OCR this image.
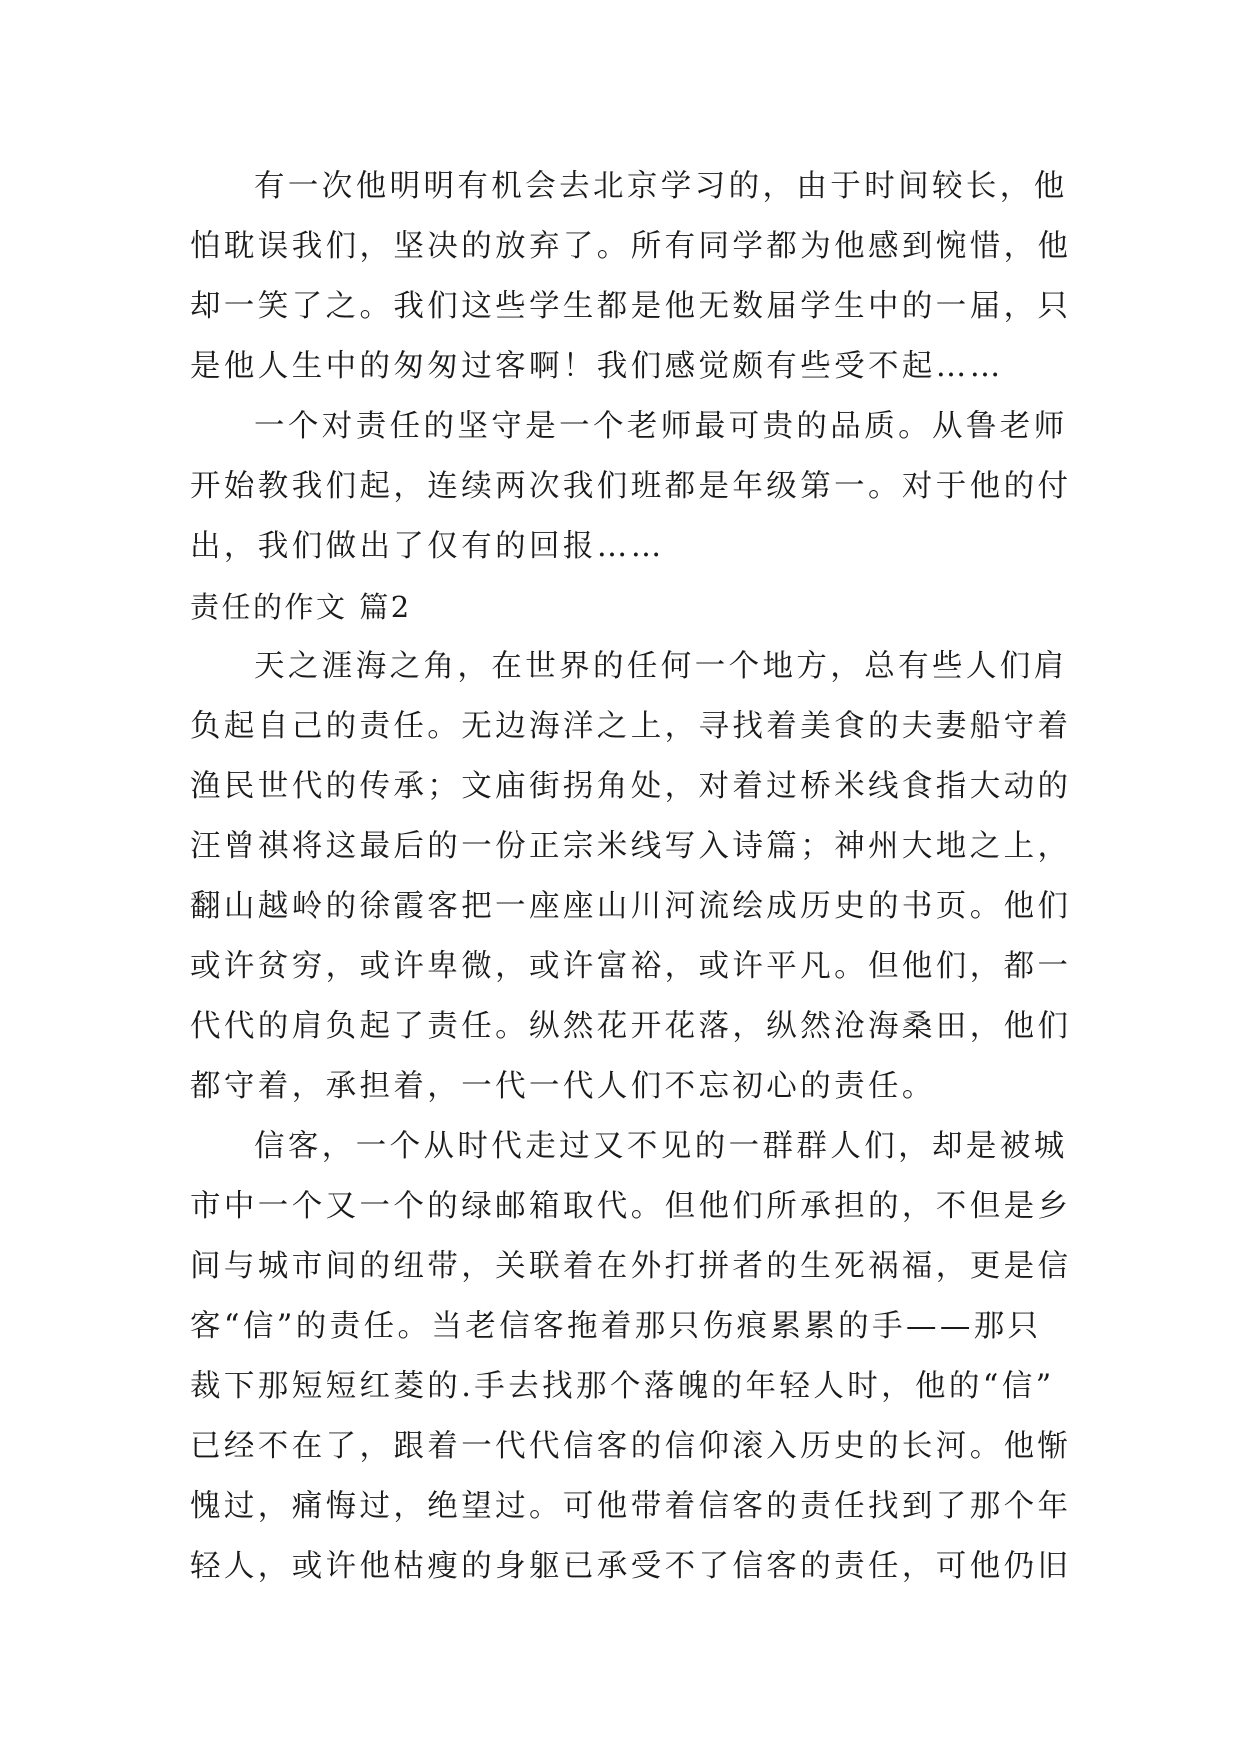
有一次他明明有机会去北京学习的，由于时间较长，他
怕耽误我们，坚决的放弃了。所有同学都为他感到惋惜，他
却一笑了之。我们这些学生都是他无数届学生中的一届，只
是他人生中的匆匆过客啊！我们感觉颇有些受不起……
一个对责任的坚守是一个老师最可贵的品质。从鲁老师
开始教我们起，连续两次我们班都是年级第一。对于他的付
出，我们做出了仅有的回报……
责任的作文 篇2
天之涯海之角，在世界的任何一个地方，总有些人们肩
负起自己的责任。无边海洋之上，寻找着美食的夫妻船守着
渔民世代的传承；文庙街拐角处，对着过桥米线食指大动的
汪曾祺将这最后的一份正宗米线写入诗篇；神州大地之上，
翻山越岭的徐霞客把一座座山川河流绘成历史的书页。他们
或许贫穷，或许卑微，或许富裕，或许平凡。但他们，都一
代代的肩负起了责任。纵然花开花落，纵然沧海桑田，他们
都守着，承担着，一代一代人们不忘初心的责任。
信客，一个从时代走过又不见的一群群人们，却是被城
市中一个又一个的绿邮箱取代。但他们所承担的，不但是乡
间与城市间的纽带，关联着在外打拼者的生死祸福，更是信
客“信”的责任。当老信客拖着那只伤痕累累的手——那只
裁下那短短红菱的.手去找那个落魄的年轻人时，他的“信”
已经不在了，跟着一代代信客的信仰滚入历史的长河。他惭
愧过，痛悔过，绝望过。可他带着信客的责任找到了那个年
轻人，或许他枯瘦的身躯已承受不了信客的责任，可他仍旧
